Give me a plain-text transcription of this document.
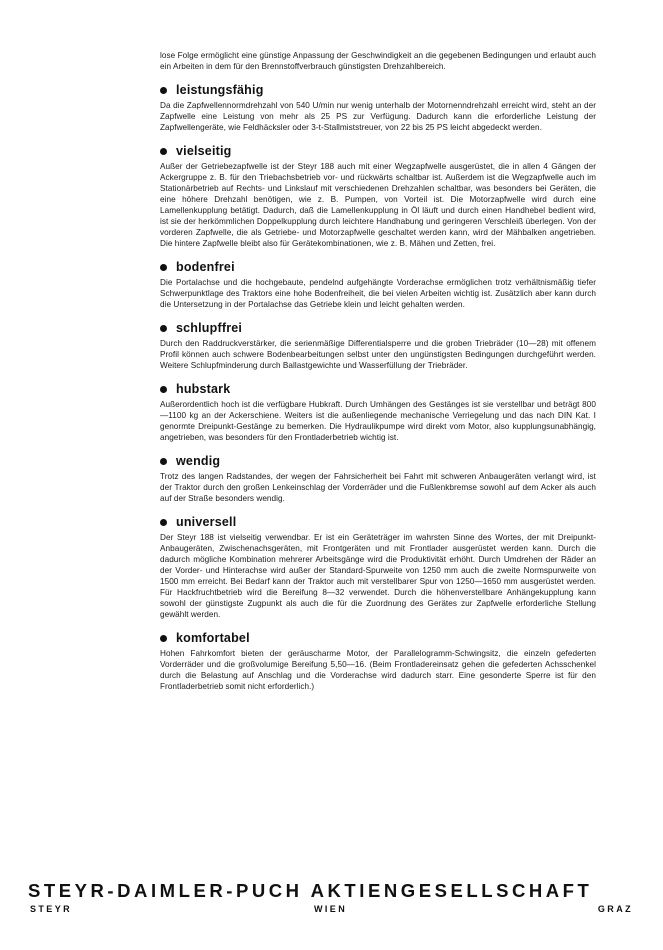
lose Folge ermöglicht eine günstige Anpassung der Geschwindigkeit an die gegebenen Bedingungen und erlaubt auch ein Arbeiten in dem für den Brennstoffverbrauch günstigsten Drehzahlbereich.

leistungsfähig

Da die Zapfwellennormdrehzahl von 540 U/min nur wenig unterhalb der Motornenndrehzahl erreicht wird, steht an der Zapfwelle eine Leistung von mehr als 25 PS zur Verfügung. Dadurch kann die erforderliche Leistung der Zapfwellengeräte, wie Feldhäcksler oder 3-t-Stallmiststreuer, von 22 bis 25 PS leicht abgedeckt werden.

vielseitig

Außer der Getriebezapfwelle ist der Steyr 188 auch mit einer Wegzapfwelle ausgerüstet, die in allen 4 Gängen der Ackergruppe z. B. für den Triebachsbetrieb vor- und rückwärts schaltbar ist. Außerdem ist die Wegzapfwelle auch im Stationärbetrieb auf Rechts- und Linkslauf mit verschiedenen Drehzahlen schaltbar, was besonders bei Geräten, die eine höhere Drehzahl benötigen, wie z. B. Pumpen, von Vorteil ist. Die Motorzapfwelle wird durch eine Lamellenkupplung betätigt. Dadurch, daß die Lamellenkupplung in Öl läuft und durch einen Handhebel bedient wird, ist sie der herkömmlichen Doppelkupplung durch leichtere Handhabung und geringeren Verschleiß überlegen. Von der vorderen Zapfwelle, die als Getriebe- und Motorzapfwelle geschaltet werden kann, wird der Mähbalken angetrieben. Die hintere Zapfwelle bleibt also für Gerätekombinationen, wie z. B. Mähen und Zetten, frei.

bodenfrei

Die Portalachse und die hochgebaute, pendelnd aufgehängte Vorderachse ermöglichen trotz verhältnismäßig tiefer Schwerpunktlage des Traktors eine hohe Bodenfreiheit, die bei vielen Arbeiten wichtig ist. Zusätzlich aber kann durch die Untersetzung in der Portalachse das Getriebe klein und leicht gehalten werden.

schlupffrei

Durch den Raddruckverstärker, die serienmäßige Differentialsperre und die groben Triebräder (10—28) mit offenem Profil können auch schwere Bodenbearbeitungen selbst unter den ungünstigsten Bedingungen durchgeführt werden. Weitere Schlupfminderung durch Ballastgewichte und Wasserfüllung der Triebräder.

hubstark

Außerordentlich hoch ist die verfügbare Hubkraft. Durch Umhängen des Gestänges ist sie verstellbar und beträgt 800—1100 kg an der Ackerschiene. Weiters ist die außenliegende mechanische Verriegelung und das nach DIN Kat. I genormte Dreipunkt-Gestänge zu bemerken. Die Hydraulikpumpe wird direkt vom Motor, also kupplungsunabhängig, angetrieben, was besonders für den Frontladerbetrieb wichtig ist.

wendig

Trotz des langen Radstandes, der wegen der Fahrsicherheit bei Fahrt mit schweren Anbaugeräten verlangt wird, ist der Traktor durch den großen Lenkeinschlag der Vorderräder und die Fußlenkbremse sowohl auf dem Acker als auch auf der Straße besonders wendig.

universell

Der Steyr 188 ist vielseitig verwendbar. Er ist ein Geräteträger im wahrsten Sinne des Wortes, der mit Dreipunkt-Anbaugeräten, Zwischenachsgeräten, mit Frontgeräten und mit Frontlader ausgerüstet werden kann. Durch die dadurch mögliche Kombination mehrerer Arbeitsgänge wird die Produktivität erhöht. Durch Umdrehen der Räder an der Vorder- und Hinterachse wird außer der Standard-Spurweite von 1250 mm auch die zweite Normspurweite von 1500 mm erreicht. Bei Bedarf kann der Traktor auch mit verstellbarer Spur von 1250—1650 mm ausgerüstet werden. Für Hackfruchtbetrieb wird die Bereifung 8—32 verwendet. Durch die höhenverstellbare Anhängekupplung kann sowohl der günstigste Zugpunkt als auch die für die Zuordnung des Gerätes zur Zapfwelle erforderliche Stellung gewählt werden.

komfortabel

Hohen Fahrkomfort bieten der geräuscharme Motor, der Parallelogramm-Schwingsitz, die einzeln gefederten Vorderräder und die großvolumige Bereifung 5,50—16. (Beim Frontladereinsatz gehen die gefederten Achsschenkel durch die Belastung auf Anschlag und die Vorderachse wird dadurch starr. Eine gesonderte Sperre ist für den Frontladerbetrieb somit nicht erforderlich.)

STEYR-DAIMLER-PUCH AKTIENGESELLSCHAFT
STEYR	WIEN	GRAZ
